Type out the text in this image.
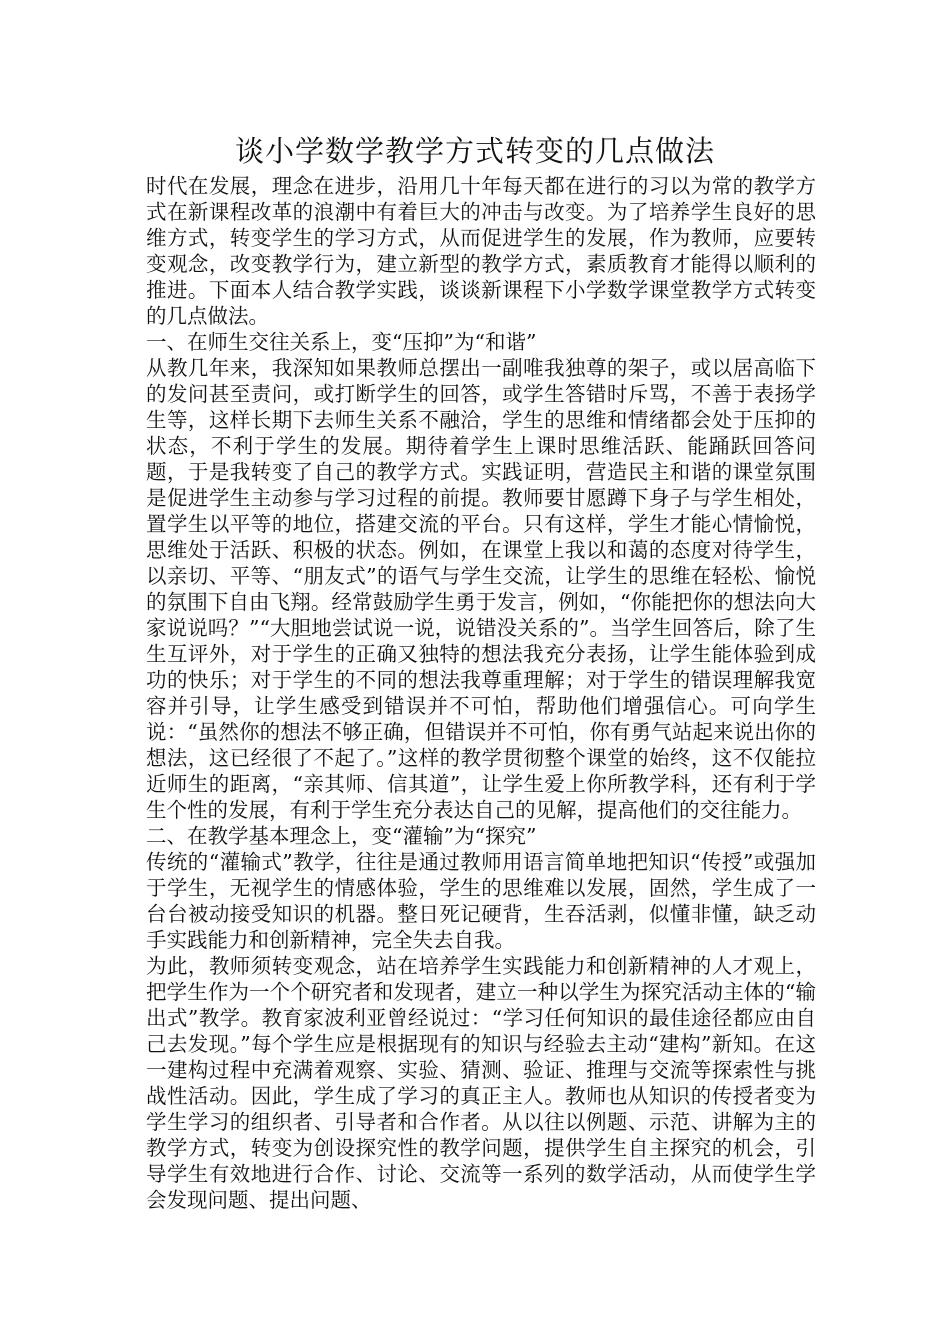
谈小学数学教学方式转变的几点做法

时代在发展，理念在进步，沿用几十年每天都在进行的习以为常的教学方式在新课程改革的浪潮中有着巨大的冲击与改变。为了培养学生良好的思维方式，转变学生的学习方式，从而促进学生的发展，作为教师，应要转变观念，改变教学行为，建立新型的教学方式，素质教育才能得以顺利的推进。下面本人结合教学实践，谈谈新课程下小学数学课堂教学方式转变的几点做法。

一、在师生交往关系上，变“压抑”为“和谐”

从教几年来，我深知如果教师总摆出一副唯我独尊的架子，或以居高临下的发问甚至责问，或打断学生的回答，或学生答错时斥骂，不善于表扬学生等，这样长期下去师生关系不融洽，学生的思维和情绪都会处于压抑的状态，不利于学生的发展。期待着学生上课时思维活跃、能踊跃回答问题，于是我转变了自己的教学方式。实践证明，营造民主和谐的课堂氛围是促进学生主动参与学习过程的前提。教师要甘愿蹲下身子与学生相处，置学生以平等的地位，搭建交流的平台。只有这样，学生才能心情愉悦，思维处于活跃、积极的状态。例如，在课堂上我以和蔼的态度对待学生，以亲切、平等、“朋友式”的语气与学生交流，让学生的思维在轻松、愉悦的氛围下自由飞翔。经常鼓励学生勇于发言，例如，“你能把你的想法向大家说说吗？”“大胆地尝试说一说，说错没关系的”。当学生回答后，除了生生互评外，对于学生的正确又独特的想法我充分表扬，让学生能体验到成功的快乐；对于学生的不同的想法我尊重理解；对于学生的错误理解我宽容并引导，让学生感受到错误并不可怕，帮助他们增强信心。可向学生说：“虽然你的想法不够正确，但错误并不可怕，你有勇气站起来说出你的想法，这已经很了不起了。”这样的教学贯彻整个课堂的始终，这不仅能拉近师生的距离，“亲其师、信其道”，让学生爱上你所教学科，还有利于学生个性的发展，有利于学生充分表达自己的见解，提高他们的交往能力。

二、在教学基本理念上，变“灌输”为“探究”

传统的“灌输式”教学，往往是通过教师用语言简单地把知识“传授”或强加于学生，无视学生的情感体验，学生的思维难以发展，固然，学生成了一台台被动接受知识的机器。整日死记硬背，生吞活剥，似懂非懂，缺乏动手实践能力和创新精神，完全失去自我。

为此，教师须转变观念，站在培养学生实践能力和创新精神的人才观上，把学生作为一个个研究者和发现者，建立一种以学生为探究活动主体的“输出式”教学。教育家波利亚曾经说过：“学习任何知识的最佳途径都应由自己去发现。”每个学生应是根据现有的知识与经验去主动“建构”新知。在这一建构过程中充满着观察、实验、猜测、验证、推理与交流等探索性与挑战性活动。因此，学生成了学习的真正主人。教师也从知识的传授者变为学生学习的组织者、引导者和合作者。从以往以例题、示范、讲解为主的教学方式，转变为创设探究性的教学问题，提供学生自主探究的机会，引导学生有效地进行合作、讨论、交流等一系列的数学活动，从而使学生学会发现问题、提出问题、
